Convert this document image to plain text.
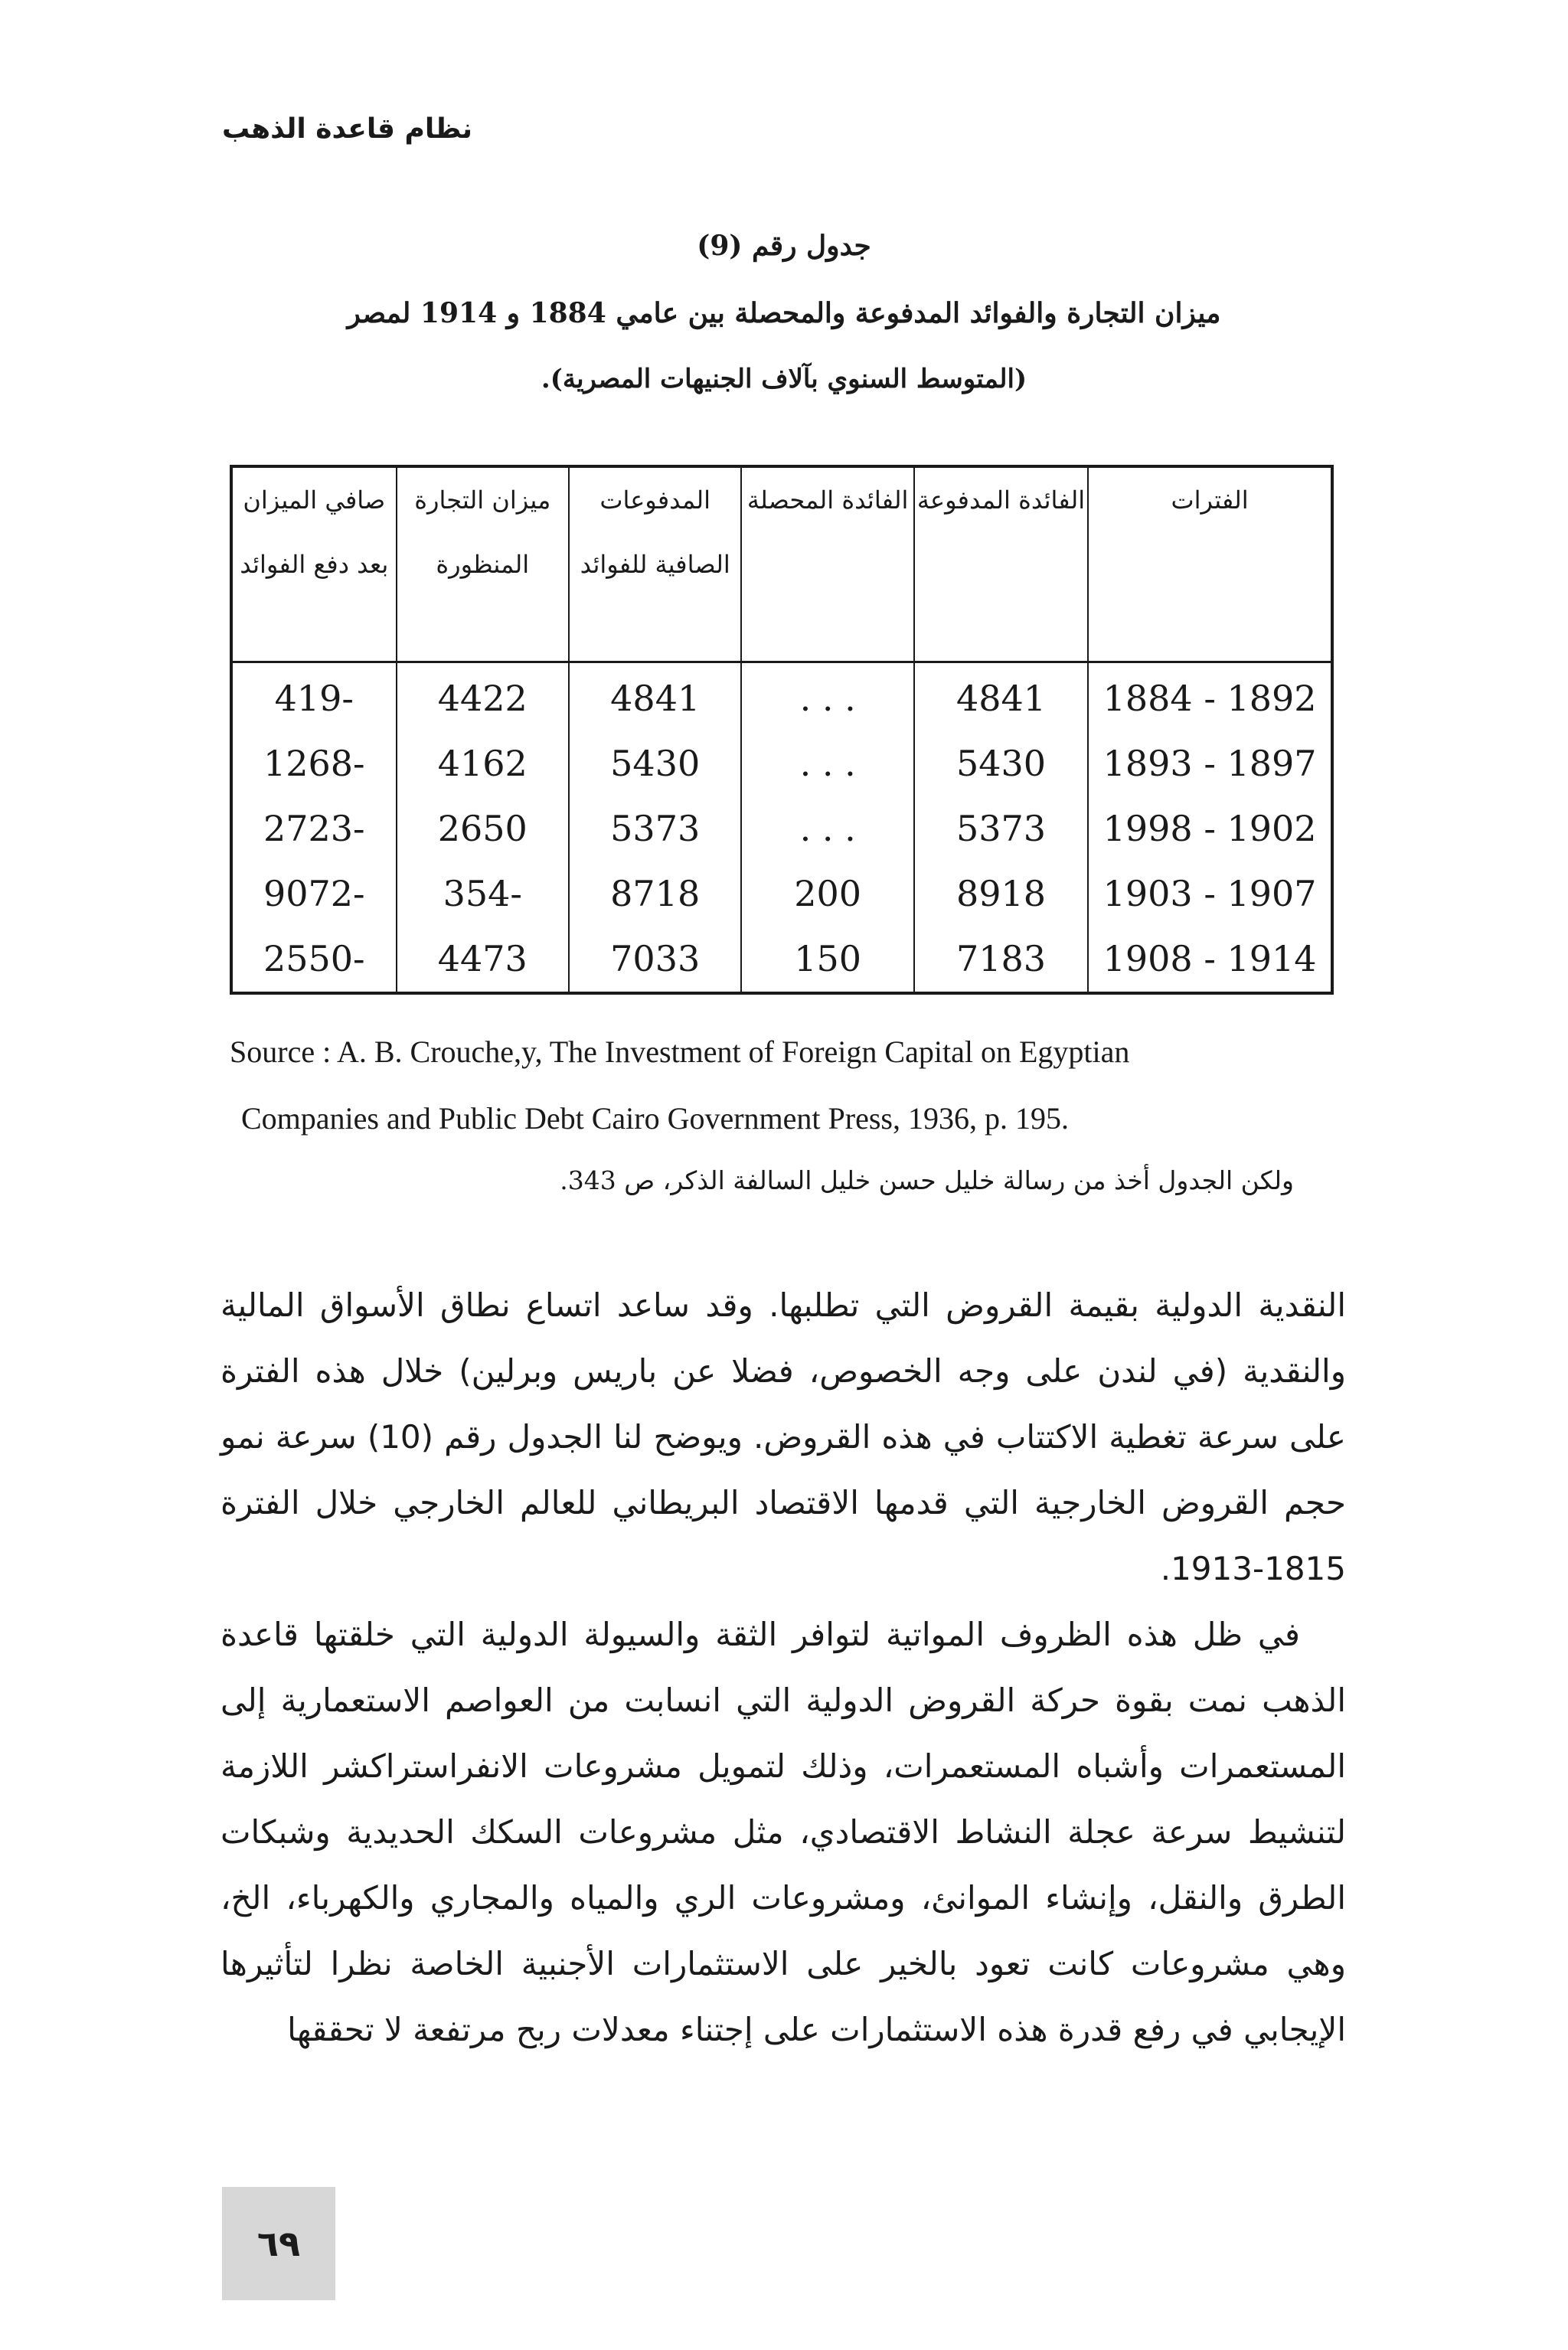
نظام قاعدة الذهب
جدول رقم (9)
ميزان التجارة والفوائد المدفوعة والمحصلة بين عامي 1884 و 1914 لمصر
(المتوسط السنوي بآلاف الجنيهات المصرية).
الفترات	الفائدة المدفوعة	الفائدة المحصلة	المدفوعات الصافية للفوائد	ميزان التجارة المنظورة	صافي الميزان بعد دفع الفوائد
1884 - 1892	4841	. . .	4841	4422	-419
1893 - 1897	5430	. . .	5430	4162	-1268
1998 - 1902	5373	. . .	5373	2650	-2723
1903 - 1907	8918	200	8718	-354	-9072
1908 - 1914	7183	150	7033	4473	-2550
Source : A. B. Crouche,y, The Investment of Foreign Capital on Egyptian
Companies and Public Debt Cairo Government Press, 1936, p. 195.
ولكن الجدول أخذ من رسالة خليل حسن خليل السالفة الذكر، ص 343.

النقدية الدولية بقيمة القروض التي تطلبها. وقد ساعد اتساع نطاق الأسواق المالية والنقدية (في لندن على وجه الخصوص، فضلا عن باريس وبرلين) خلال هذه الفترة على سرعة تغطية الاكتتاب في هذه القروض. ويوضح لنا الجدول رقم (10) سرعة نمو حجم القروض الخارجية التي قدمها الاقتصاد البريطاني للعالم الخارجي خلال الفترة 1815-1913.

في ظل هذه الظروف المواتية لتوافر الثقة والسيولة الدولية التي خلقتها قاعدة الذهب نمت بقوة حركة القروض الدولية التي انسابت من العواصم الاستعمارية إلى المستعمرات وأشباه المستعمرات، وذلك لتمويل مشروعات الانفراستراكشر اللازمة لتنشيط سرعة عجلة النشاط الاقتصادي، مثل مشروعات السكك الحديدية وشبكات الطرق والنقل، وإنشاء الموانئ، ومشروعات الري والمياه والمجاري والكهرباء، الخ، وهي مشروعات كانت تعود بالخير على الاستثمارات الأجنبية الخاصة نظرا لتأثيرها الإيجابي في رفع قدرة هذه الاستثمارات على إجتناء معدلات ربح مرتفعة لا تحققها

٦٩
